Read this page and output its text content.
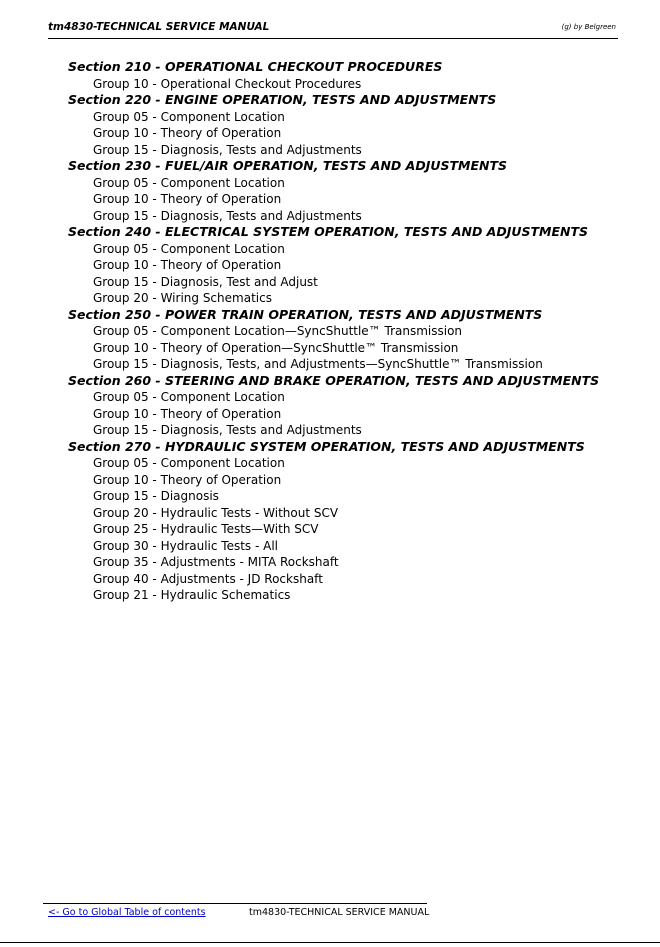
tm4830-TECHNICAL SERVICE MANUAL	(g) by Belgreen
Section 210 - OPERATIONAL CHECKOUT PROCEDURES
Group 10 - Operational Checkout Procedures
Section 220 - ENGINE OPERATION, TESTS AND ADJUSTMENTS
Group 05 - Component Location
Group 10 - Theory of Operation
Group 15 - Diagnosis, Tests and Adjustments
Section 230 - FUEL/AIR OPERATION, TESTS AND ADJUSTMENTS
Group 05 - Component Location
Group 10 - Theory of Operation
Group 15 - Diagnosis, Tests and Adjustments
Section 240 - ELECTRICAL SYSTEM OPERATION, TESTS AND ADJUSTMENTS
Group 05 - Component Location
Group 10 - Theory of Operation
Group 15 - Diagnosis, Test and Adjust
Group 20 - Wiring Schematics
Section 250 - POWER TRAIN OPERATION, TESTS AND ADJUSTMENTS
Group 05 - Component Location—SyncShuttle™ Transmission
Group 10 - Theory of Operation—SyncShuttle™ Transmission
Group 15 - Diagnosis, Tests, and Adjustments—SyncShuttle™ Transmission
Section 260 - STEERING AND BRAKE OPERATION, TESTS AND ADJUSTMENTS
Group 05 - Component Location
Group 10 - Theory of Operation
Group 15 - Diagnosis, Tests and Adjustments
Section 270 - HYDRAULIC SYSTEM OPERATION, TESTS AND ADJUSTMENTS
Group 05 - Component Location
Group 10 - Theory of Operation
Group 15 - Diagnosis
Group 20 - Hydraulic Tests - Without SCV
Group 25 - Hydraulic Tests—With SCV
Group 30 - Hydraulic Tests - All
Group 35 - Adjustments - MITA Rockshaft
Group 40 - Adjustments - JD Rockshaft
Group 21 - Hydraulic Schematics
<- Go to Global Table of contents	tm4830-TECHNICAL SERVICE MANUAL
